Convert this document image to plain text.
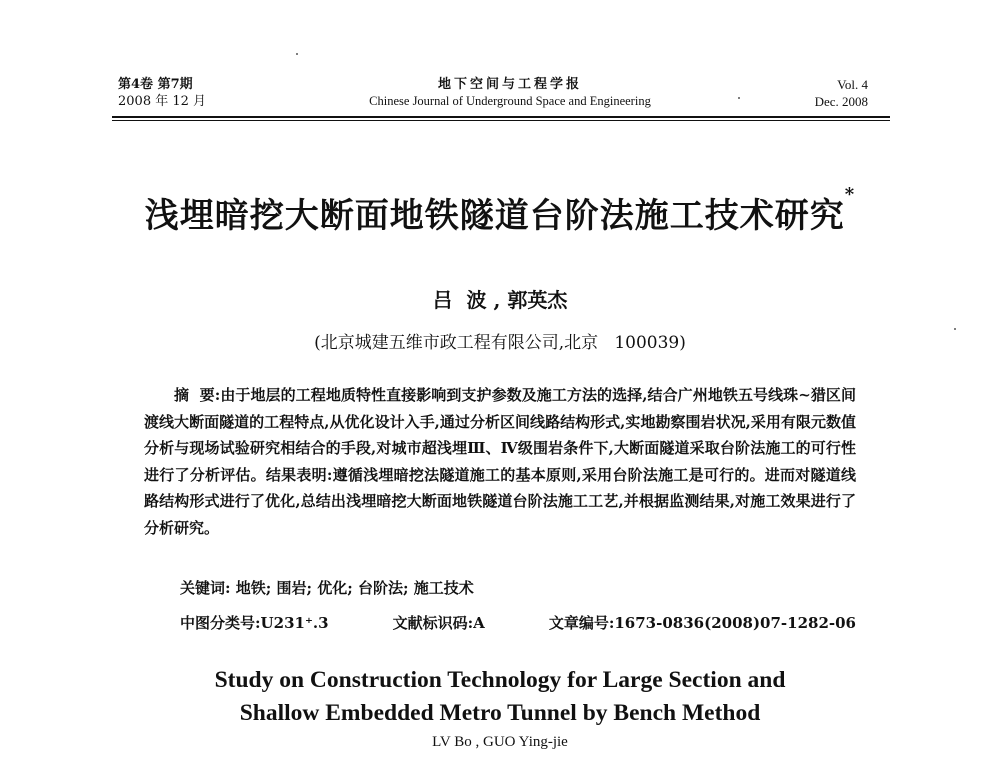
第4卷 第7期
2008 年 12 月
地下空间与工程学报
Chinese Journal of Underground Space and Engineering
Vol. 4
Dec. 2008
浅埋暗挖大断面地铁隧道台阶法施工技术研究*
吕  波 , 郭英杰
(北京城建五维市政工程有限公司,北京   100039)
摘  要:由于地层的工程地质特性直接影响到支护参数及施工方法的选择,结合广州地铁五号线珠~猎区间渡线大断面隧道的工程特点,从优化设计入手,通过分析区间线路结构形式,实地勘察围岩状况,采用有限元数值分析与现场试验研究相结合的手段,对城市超浅埋Ⅲ、Ⅳ级围岩条件下,大断面隧道采取台阶法施工的可行性进行了分析评估。结果表明:遵循浅埋暗挖法隧道施工的基本原则,采用台阶法施工是可行的。进而对隧道线路结构形式进行了优化,总结出浅埋暗挖大断面地铁隧道台阶法施工工艺,并根据监测结果,对施工效果进行了分析研究。
关键词: 地铁; 围岩; 优化; 台阶法; 施工技术
中图分类号:U231⁺.3	文献标识码:A	文章编号:1673-0836(2008)07-1282-06
Study on Construction Technology for Large Section and
Shallow Embedded Metro Tunnel by Bench Method
LV Bo , GUO Ying-jie
